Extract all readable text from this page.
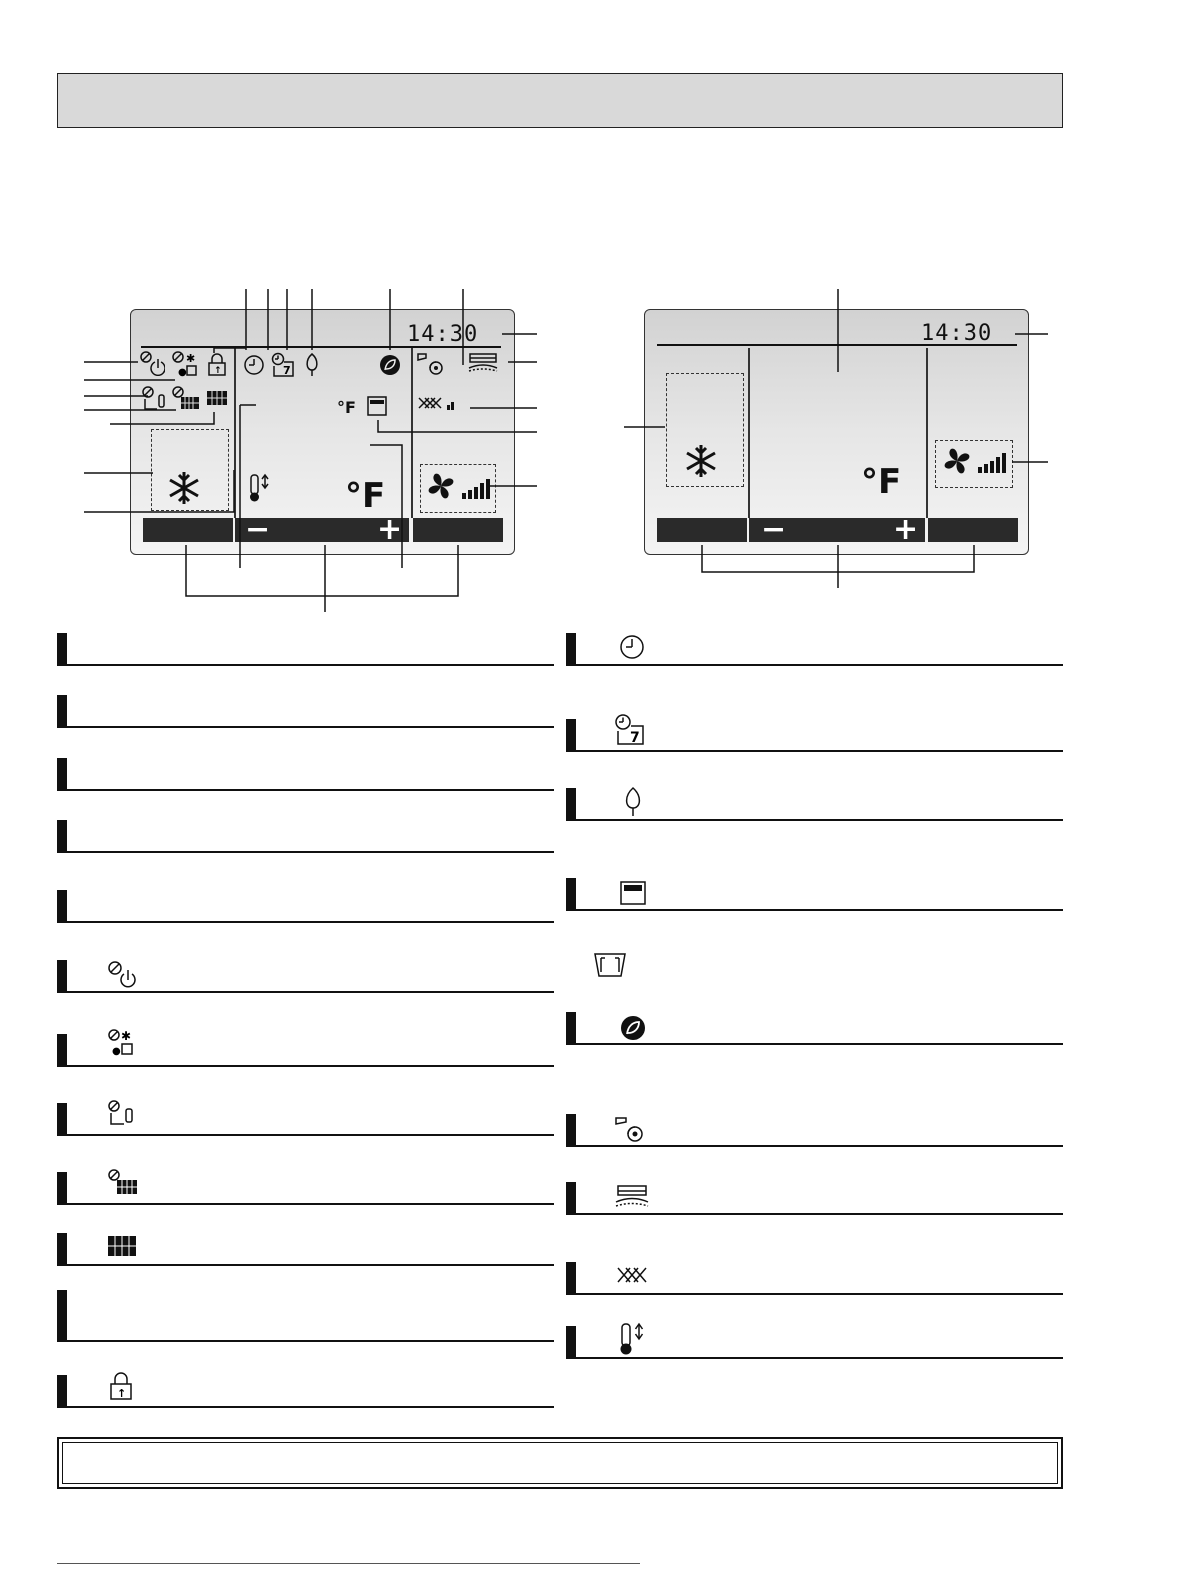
14:30
✱
●	↑	7
°F
°F
−	+
14:30
°F
−	+
✱
●
↑
7
